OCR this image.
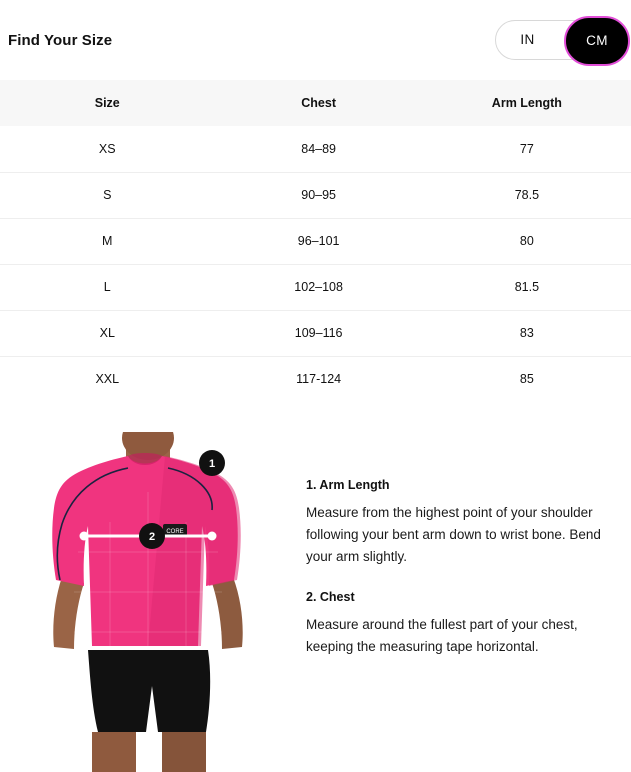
Find Your Size	IN	CM
Size	Chest	Arm Length
XS	84–89	77
S	90–95	78.5
M	96–101	80
L	102–108	81.5
XL	109–116	83
XXL	117-124	85
CORE
1
2

1. Arm Length

Measure from the highest point of your shoulder following your bent arm down to wrist bone. Bend your arm slightly.

2. Chest

Measure around the fullest part of your chest, keeping the measuring tape horizontal.
